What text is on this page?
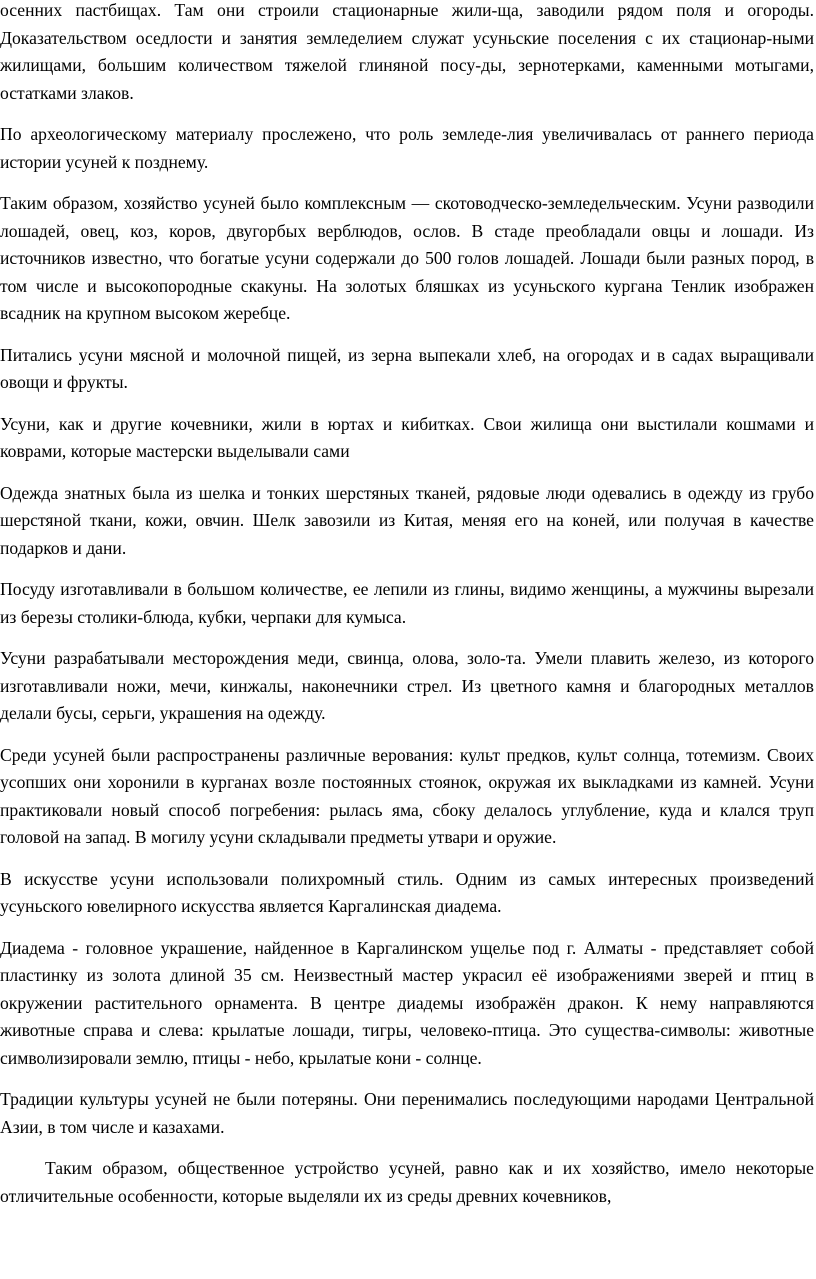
осенних пастбищах. Там они строили стационарные жили-ща, заводили рядом поля и огороды. Доказательством оседлости и занятия земледелием служат усуньские поселения с их стационар-ными жилищами, большим количеством тяжелой глиняной посу-ды, зернотерками, каменными мотыгами, остатками злаков.

По археологическому материалу прослежено, что роль земледе-лия увеличивалась от раннего периода истории усуней к позднему.

Таким образом, хозяйство усуней было комплексным — скотоводческо-земледельческим. Усуни разводили лошадей, овец, коз, коров, двугорбых верблюдов, ослов. В стаде преобладали овцы и лошади. Из источников известно, что богатые усуни содержали до 500 голов лошадей. Лошади были разных пород, в том числе и высокопородные скакуны. На золотых бляшках из усуньского кургана Тенлик изображен всадник на крупном высоком жеребце.

Питались усуни мясной и молочной пищей, из зерна выпекали хлеб, на огородах и в садах выращивали овощи и фрукты.

Усуни, как и другие кочевники, жили в юртах и кибитках. Свои жилища они выстилали кошмами и коврами, которые мастерски выделывали сами

Одежда знатных была из шелка и тонких шерстяных тканей, рядовые люди одевались в одежду из грубо шерстяной ткани, кожи, овчин. Шелк завозили из Китая, меняя его на коней, или получая в качестве подарков и дани.

Посуду изготавливали в большом количестве, ее лепили из глины, видимо женщины, а мужчины вырезали из березы столики-блюда, кубки, черпаки для кумыса.

Усуни разрабатывали месторождения меди, свинца, олова, золо-та. Умели плавить железо, из которого изготавливали ножи, мечи, кинжалы, наконечники стрел. Из цветного камня и благородных металлов делали бусы, серьги, украшения на одежду.

Среди усуней были распространены различные верования: культ предков, культ солнца, тотемизм. Своих усопших они хоронили в курганах возле постоянных стоянок, окружая их выкладками из камней. Усуни практиковали новый способ погребения: рылась яма, сбоку делалось углубление, куда и клался труп головой на запад. В могилу усуни складывали предметы утвари и оружие.

В искусстве усуни использовали полихромный стиль. Одним из самых интересных произведений усуньского ювелирного искусства является Каргалинская диадема.

Диадема - головное украшение, найденное в Каргалинском ущелье под г. Алматы - представляет собой пластинку из золота длиной 35 см. Неизвестный мастер украсил её изображениями зверей и птиц в окружении растительного орнамента. В центре диадемы изображён дракон. К нему направляются животные справа и слева: крылатые лошади, тигры, человеко-птица. Это существа-символы: животные символизировали землю, птицы - небо, крылатые кони - солнце.

Традиции культуры усуней не были потеряны. Они перенимались последующими народами Центральной Азии, в том числе и казахами.

Таким образом, общественное устройство усуней, равно как и их хозяйство, имело некоторые отличительные особенности, которые выделяли их из среды древних кочевников,
